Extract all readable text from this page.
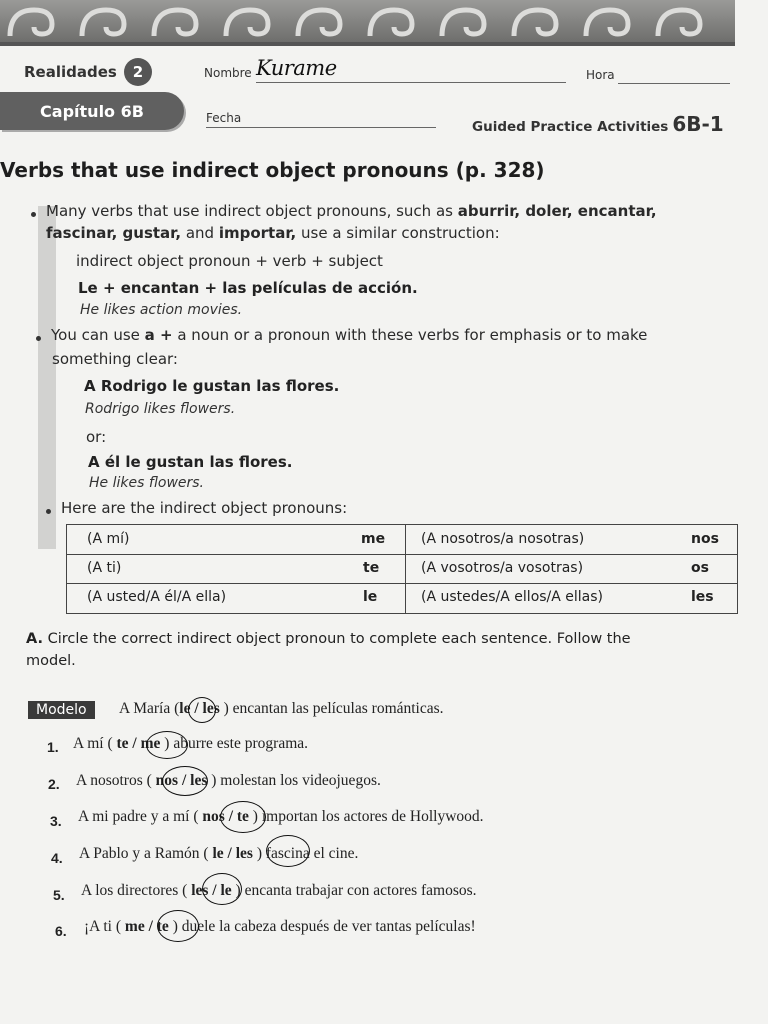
Realidades	2
Capítulo 6B
Nombre Kurame	Hora
Fecha
Guided Practice Activities 6B-1
Verbs that use indirect object pronouns (p. 328)
Many verbs that use indirect object pronouns, such as aburrir, doler, encantar,
fascinar, gustar, and importar, use a similar construction:
indirect object pronoun + verb + subject
Le + encantan + las películas de acción.
He likes action movies.
You can use a + a noun or a pronoun with these verbs for emphasis or to make
something clear:
A Rodrigo le gustan las flores.
Rodrigo likes flowers.
or:
A él le gustan las flores.
He likes flowers.
Here are the indirect object pronouns:
(A mí)	me	(A nosotros/a nosotras)	nos
(A ti)	te	(A vosotros/a vosotras)	os
(A usted/A él/A ella)	le	(A ustedes/A ellos/A ellas)	les
A. Circle the correct indirect object pronoun to complete each sentence. Follow the
model.
Modelo	A María (le / les ) encantan las películas románticas.
1. A mí ( te / me ) aburre este programa.
2. A nosotros ( nos / les ) molestan los videojuegos.
3. A mi padre y a mí ( nos / te ) importan los actores de Hollywood.
4. A Pablo y a Ramón ( le / les ) fascina el cine.
5. A los directores ( les / le ) encanta trabajar con actores famosos.
6. ¡A ti ( me / te ) duele la cabeza después de ver tantas películas!
